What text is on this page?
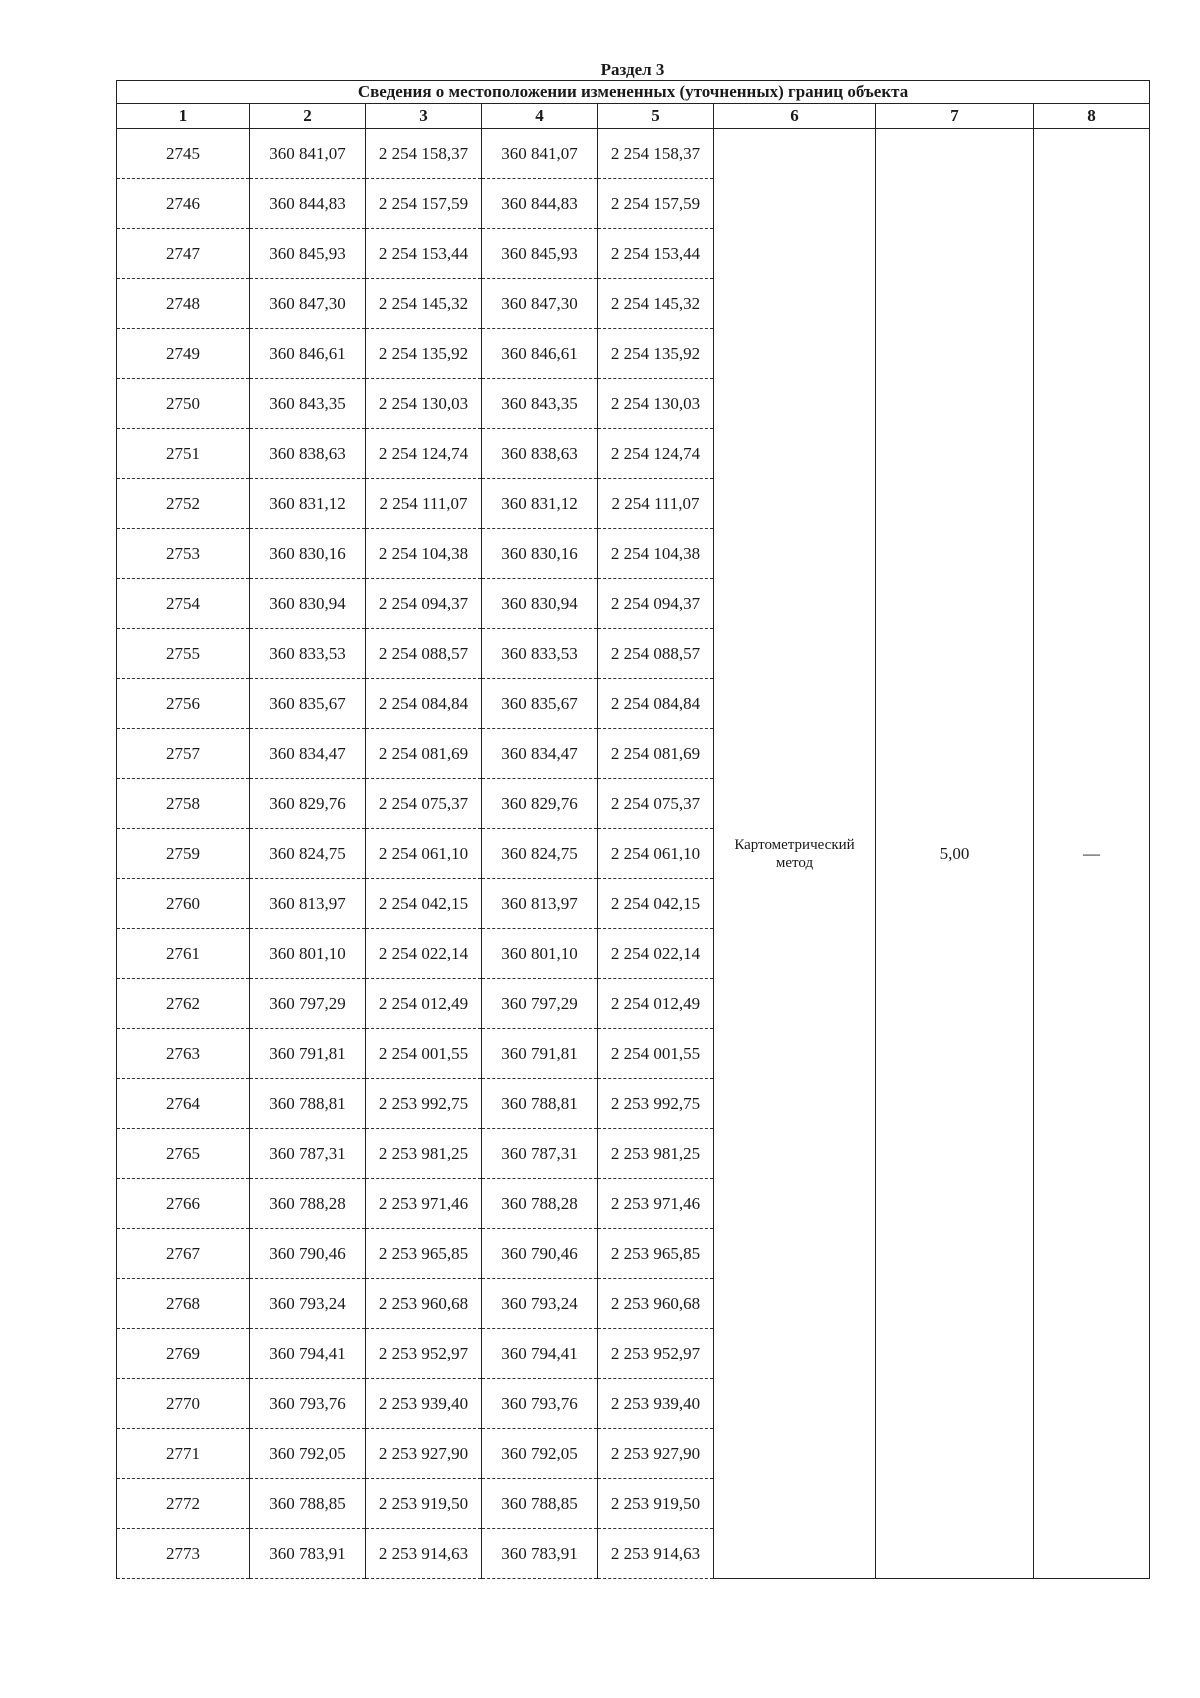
Раздел 3
Сведения о местоположении измененных (уточненных) границ объекта							
1	2	3	4	5	6	7	8
2745	360 841,07	2 254 158,37	360 841,07	2 254 158,37	Картометрический метод	5,00	—
2746	360 844,83	2 254 157,59	360 844,83	2 254 157,59			
2747	360 845,93	2 254 153,44	360 845,93	2 254 153,44			
2748	360 847,30	2 254 145,32	360 847,30	2 254 145,32			
2749	360 846,61	2 254 135,92	360 846,61	2 254 135,92			
2750	360 843,35	2 254 130,03	360 843,35	2 254 130,03			
2751	360 838,63	2 254 124,74	360 838,63	2 254 124,74			
2752	360 831,12	2 254 111,07	360 831,12	2 254 111,07			
2753	360 830,16	2 254 104,38	360 830,16	2 254 104,38			
2754	360 830,94	2 254 094,37	360 830,94	2 254 094,37			
2755	360 833,53	2 254 088,57	360 833,53	2 254 088,57			
2756	360 835,67	2 254 084,84	360 835,67	2 254 084,84			
2757	360 834,47	2 254 081,69	360 834,47	2 254 081,69			
2758	360 829,76	2 254 075,37	360 829,76	2 254 075,37			
2759	360 824,75	2 254 061,10	360 824,75	2 254 061,10			
2760	360 813,97	2 254 042,15	360 813,97	2 254 042,15			
2761	360 801,10	2 254 022,14	360 801,10	2 254 022,14			
2762	360 797,29	2 254 012,49	360 797,29	2 254 012,49			
2763	360 791,81	2 254 001,55	360 791,81	2 254 001,55			
2764	360 788,81	2 253 992,75	360 788,81	2 253 992,75			
2765	360 787,31	2 253 981,25	360 787,31	2 253 981,25			
2766	360 788,28	2 253 971,46	360 788,28	2 253 971,46			
2767	360 790,46	2 253 965,85	360 790,46	2 253 965,85			
2768	360 793,24	2 253 960,68	360 793,24	2 253 960,68			
2769	360 794,41	2 253 952,97	360 794,41	2 253 952,97			
2770	360 793,76	2 253 939,40	360 793,76	2 253 939,40			
2771	360 792,05	2 253 927,90	360 792,05	2 253 927,90			
2772	360 788,85	2 253 919,50	360 788,85	2 253 919,50			
2773	360 783,91	2 253 914,63	360 783,91	2 253 914,63			
